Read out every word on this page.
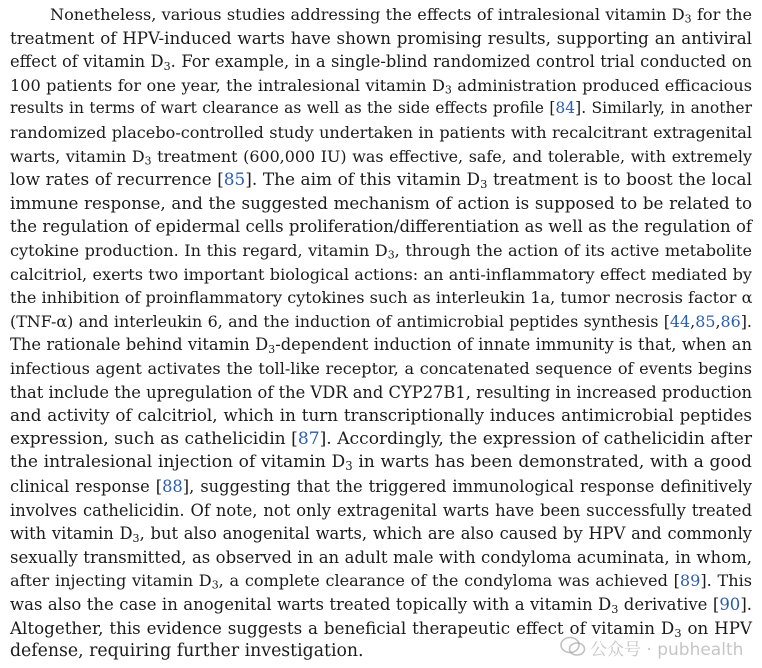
Nonetheless, various studies addressing the effects of intralesional vitamin $D_3$ for the
treatment of HPV-induced warts have shown promising results, supporting an antiviral
effect of vitamin $D_3$. For example, in a single-blind randomized control trial conducted on
100 patients for one year, the intralesional vitamin $D_3$ administration produced efficacious
results in terms of wart clearance as well as the side effects profile [84]. Similarly, in another
randomized placebo-controlled study undertaken in patients with recalcitrant extragenital
warts, vitamin $D_3$ treatment (600,000 IU) was effective, safe, and tolerable, with extremely
low rates of recurrence [85]. The aim of this vitamin $D_3$ treatment is to boost the local
immune response, and the suggested mechanism of action is supposed to be related to
the regulation of epidermal cells proliferation/differentiation as well as the regulation of
cytokine production. In this regard, vitamin $D_3$, through the action of its active metabolite
calcitriol, exerts two important biological actions: an anti-inflammatory effect mediated by
the inhibition of proinflammatory cytokines such as interleukin 1a, tumor necrosis factor α
(TNF-α) and interleukin 6, and the induction of antimicrobial peptides synthesis [44,85,86].
The rationale behind vitamin $D_3$-dependent induction of innate immunity is that, when an
infectious agent activates the toll-like receptor, a concatenated sequence of events begins
that include the upregulation of the VDR and CYP27B1, resulting in increased production
and activity of calcitriol, which in turn transcriptionally induces antimicrobial peptides
expression, such as cathelicidin [87]. Accordingly, the expression of cathelicidin after
the intralesional injection of vitamin $D_3$ in warts has been demonstrated, with a good
clinical response [88], suggesting that the triggered immunological response definitively
involves cathelicidin. Of note, not only extragenital warts have been successfully treated
with vitamin $D_3$, but also anogenital warts, which are also caused by HPV and commonly
sexually transmitted, as observed in an adult male with condyloma acuminata, in whom,
after injecting vitamin $D_3$, a complete clearance of the condyloma was achieved [89]. This
was also the case in anogenital warts treated topically with a vitamin $D_3$ derivative [90].
Altogether, this evidence suggests a beneficial therapeutic effect of vitamin $D_3$ on HPV
defense, requiring further investigation.	公众号 · pubhealth
